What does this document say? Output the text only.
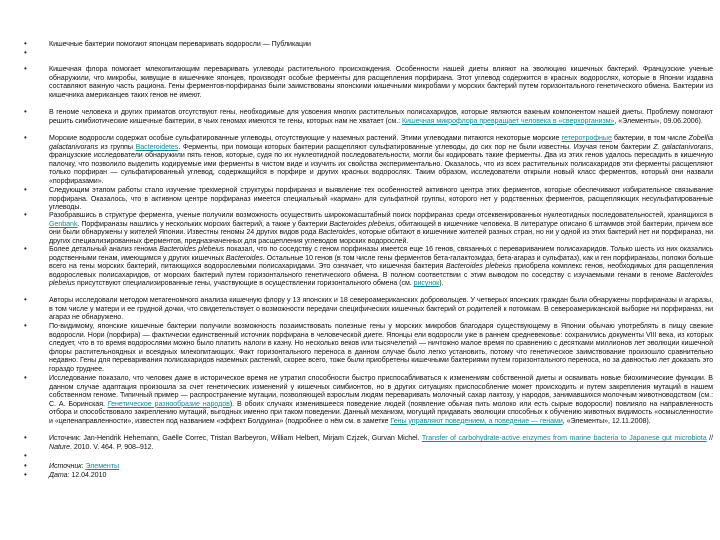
•	Кишечные бактерии помогают японцам переваривать водоросли — Публикации
•
•	Кишечная флора помогает млекопитающим переваривать углеводы растительного происхождения. Особенности нашей диеты влияют на эволюцию кишечных бактерий. Французские ученые обнаружили, что микробы, живущие в кишечнике японцев, производят особые ферменты для расщепления порфирана. Этот углевод содержится в красных водорослях, которые в Японии издавна составляют важную часть рациона. Гены ферментов-порфираназ были заимствованы японскими кишечными микробами у морских бактерий путем горизонтального генетического обмена. Бактерии из кишечника американцев таких генов не имеют.
•	В геноме человека и других приматов отсутствуют гены, необходимые для усвоения многих растительных полисахаридов, которые являются важным компонентом нашей диеты. Проблему помогают решить симбиотические кишечные бактерии, в чьих геномах имеются те гены, которых нам не хватает (см.: Кишечная микрофлора превращает человека в «сверхорганизм», «Элементы», 09.06.2006).
•	Морские водоросли содержат особые сульфатированные углеводы, отсутствующие у наземных растений. Этими углеводами питаются некоторые морские гетеротрофные бактерии, в том числе Zobellia galactanivorans из группы Bacteroidetes. Ферменты, при помощи которых бактерии расщепляют сульфатированные углеводы, до сих пор не были известны. Изучая геном бактерии Z. galactanivorans, французские исследователи обнаружили пять генов, которые, судя по их нуклеотидной последовательности, могли бы кодировать такие ферменты. Два из этих генов удалось пересадить в кишечную палочку, что позволило выделить кодируемые ими ферменты в чистом виде и изучить их свойства экспериментально. Оказалось, что из всех растительных полисахаридов эти ферменты расщепляют только порфиран — сульфатированный углевод, содержащийся в порфире и других красных водорослях. Таким образом, исследователи открыли новый класс ферментов, который они назвали «порфиразами».
•	Следующим этапом работы стало изучение трехмерной структуры порфираназ и выявление тех особенностей активного центра этих ферментов, которые обеспечивают избирательное связывание порфирана. Оказалось, что в активном центре порфираназ имеется специальный «карман» для сульфатной группы, которого нет у родственных ферментов, расщепляющих несульфатированные углеводы.
•	Разобравшись в структуре фермента, ученые получили возможность осуществить широкомасштабный поиск порфираназ среди отсеквенированных нуклеотидных последовательностей, хранящихся в Genbank. Порфираназы нашлись у нескольких морских бактерий, а также у бактерии Bacteroides plebeius, обитающей в кишечнике человека. В литературе описано 6 штаммов этой бактерии, причем все они были обнаружены у жителей Японии. Известны геномы 24 других видов рода Bacteroides, которые обитают в кишечнике жителей разных стран, но ни у одной из этих бактерий нет ни порфираназ, ни других специализированных ферментов, предназначенных для расщепления углеводов морских водорослей.
•	Более детальный анализ генома Bacteroides plebeius показал, что по соседству с геном порфиназы имеется еще 16 генов, связанных с перевариванием полисахаридов. Только шесть из них оказались родственными генам, имеющимся у других кишечных Bacteroides. Остальные 10 генов (в том числе гены ферментов бета-галактозидаз, бета-агараз и сульфатаз), как и ген порфираназы, положи больше всего на гены морских бактерий, питающихся водорослевыми полисахаридами. Это означает, что кишечная бактерия Bacteroides plebeius приобрела комплекс генов, необходимых для расщепления водорослевых полисахаридов, от морских бактерий путем горизонтального генетического обмена. В полном соответствии с этим выводом по соседству с изучаемыми генами в геноме Bacteroides plebeius присутствуют специализированные гены, участвующие в осуществлении горизонтального обмена (см. рисунок).
•	Авторы исследовали методом метагеномного анализа кишечную флору у 13 японских и 18 североамериканских добровольцев. У четверых японских граждан были обнаружены порфираназы и агаразы, в том числе у матери и ее грудной дочки, что свидетельствует о возможности передачи специфических кишечных бактерий от родителей к потомкам. В североамериканской выборке ни порфираназ, ни агараз не обнаружено.
•	По-видимому, японские кишечные бактерии получили возможность позаимствовать полезные гены у морских микробов благодаря существующему в Японии обычаю употреблять в пищу свежие водоросли. Нори (порфира) — фактически единственный источник порфирана в человеческой диете. Японцы ели водоросли уже в раннем средневековье: сохранились документы VIII века, из которых следует, что в то время водорослями можно было платить налоги в казну. Но несколько веков или тысячелетий — ничтожно малое время по сравнению с десятками миллионов лет эволюции кишечной флоры растительноядных и всеядных млекопитающих. Факт горизонтального переноса в данном случае было легко установить, потому что генетическое заимствование произошло сравнительно недавно. Гены для переваривания полисахаридов наземных растений, скорее всего, тоже были приобретены кишечными бактериями путем горизонтального переноса, но за давностью лет доказать это гораздо труднее.
•	Исследование показало, что человек даже в историческое время не утратил способности быстро приспосабливаться к изменениям собственной диеты и осваивать новые биохимические функции. В данном случае адаптация произошла за счет генетических изменений у кишечных симбионтов, но в других ситуациях приспособление может происходить и путем закрепления мутаций в нашем собственном геноме. Типичный пример — распространение мутации, позволяющей взрослым людям переваривать молочный сахар лактозу, у народов, занимавшихся молочным животноводством (см.: С. А. Боринская. Генетическое разнообразие народов). В обоих случаях изменившееся поведение людей (появление обычая пить молоко или есть сырые водоросли) повлияло на направленность отбора и способствовало закреплению мутаций, выгодных именно при таком поведении. Данный механизм, могущий придавать эволюции способных к обучению животных видимость «осмысленности» и «целенаправленности», известен под названием «эффект Болдуина» (подробнее о нём см. в заметке Гены управляют поведением, а поведение — генами, «Элементы», 12.11.2008).
•	Источник: Jan-Hendrik Hehemann, Gaëlle Correc, Tristan Barbeyron, William Helbert, Mirjam Czjzek, Gurvan Michel. Transfer of carbohydrate-active enzymes from marine bacteria to Japanese gut microbiota // Nature. 2010. V. 464. P. 908–912.
•
•	Источник: Элементы
•	Дата: 12.04.2010
